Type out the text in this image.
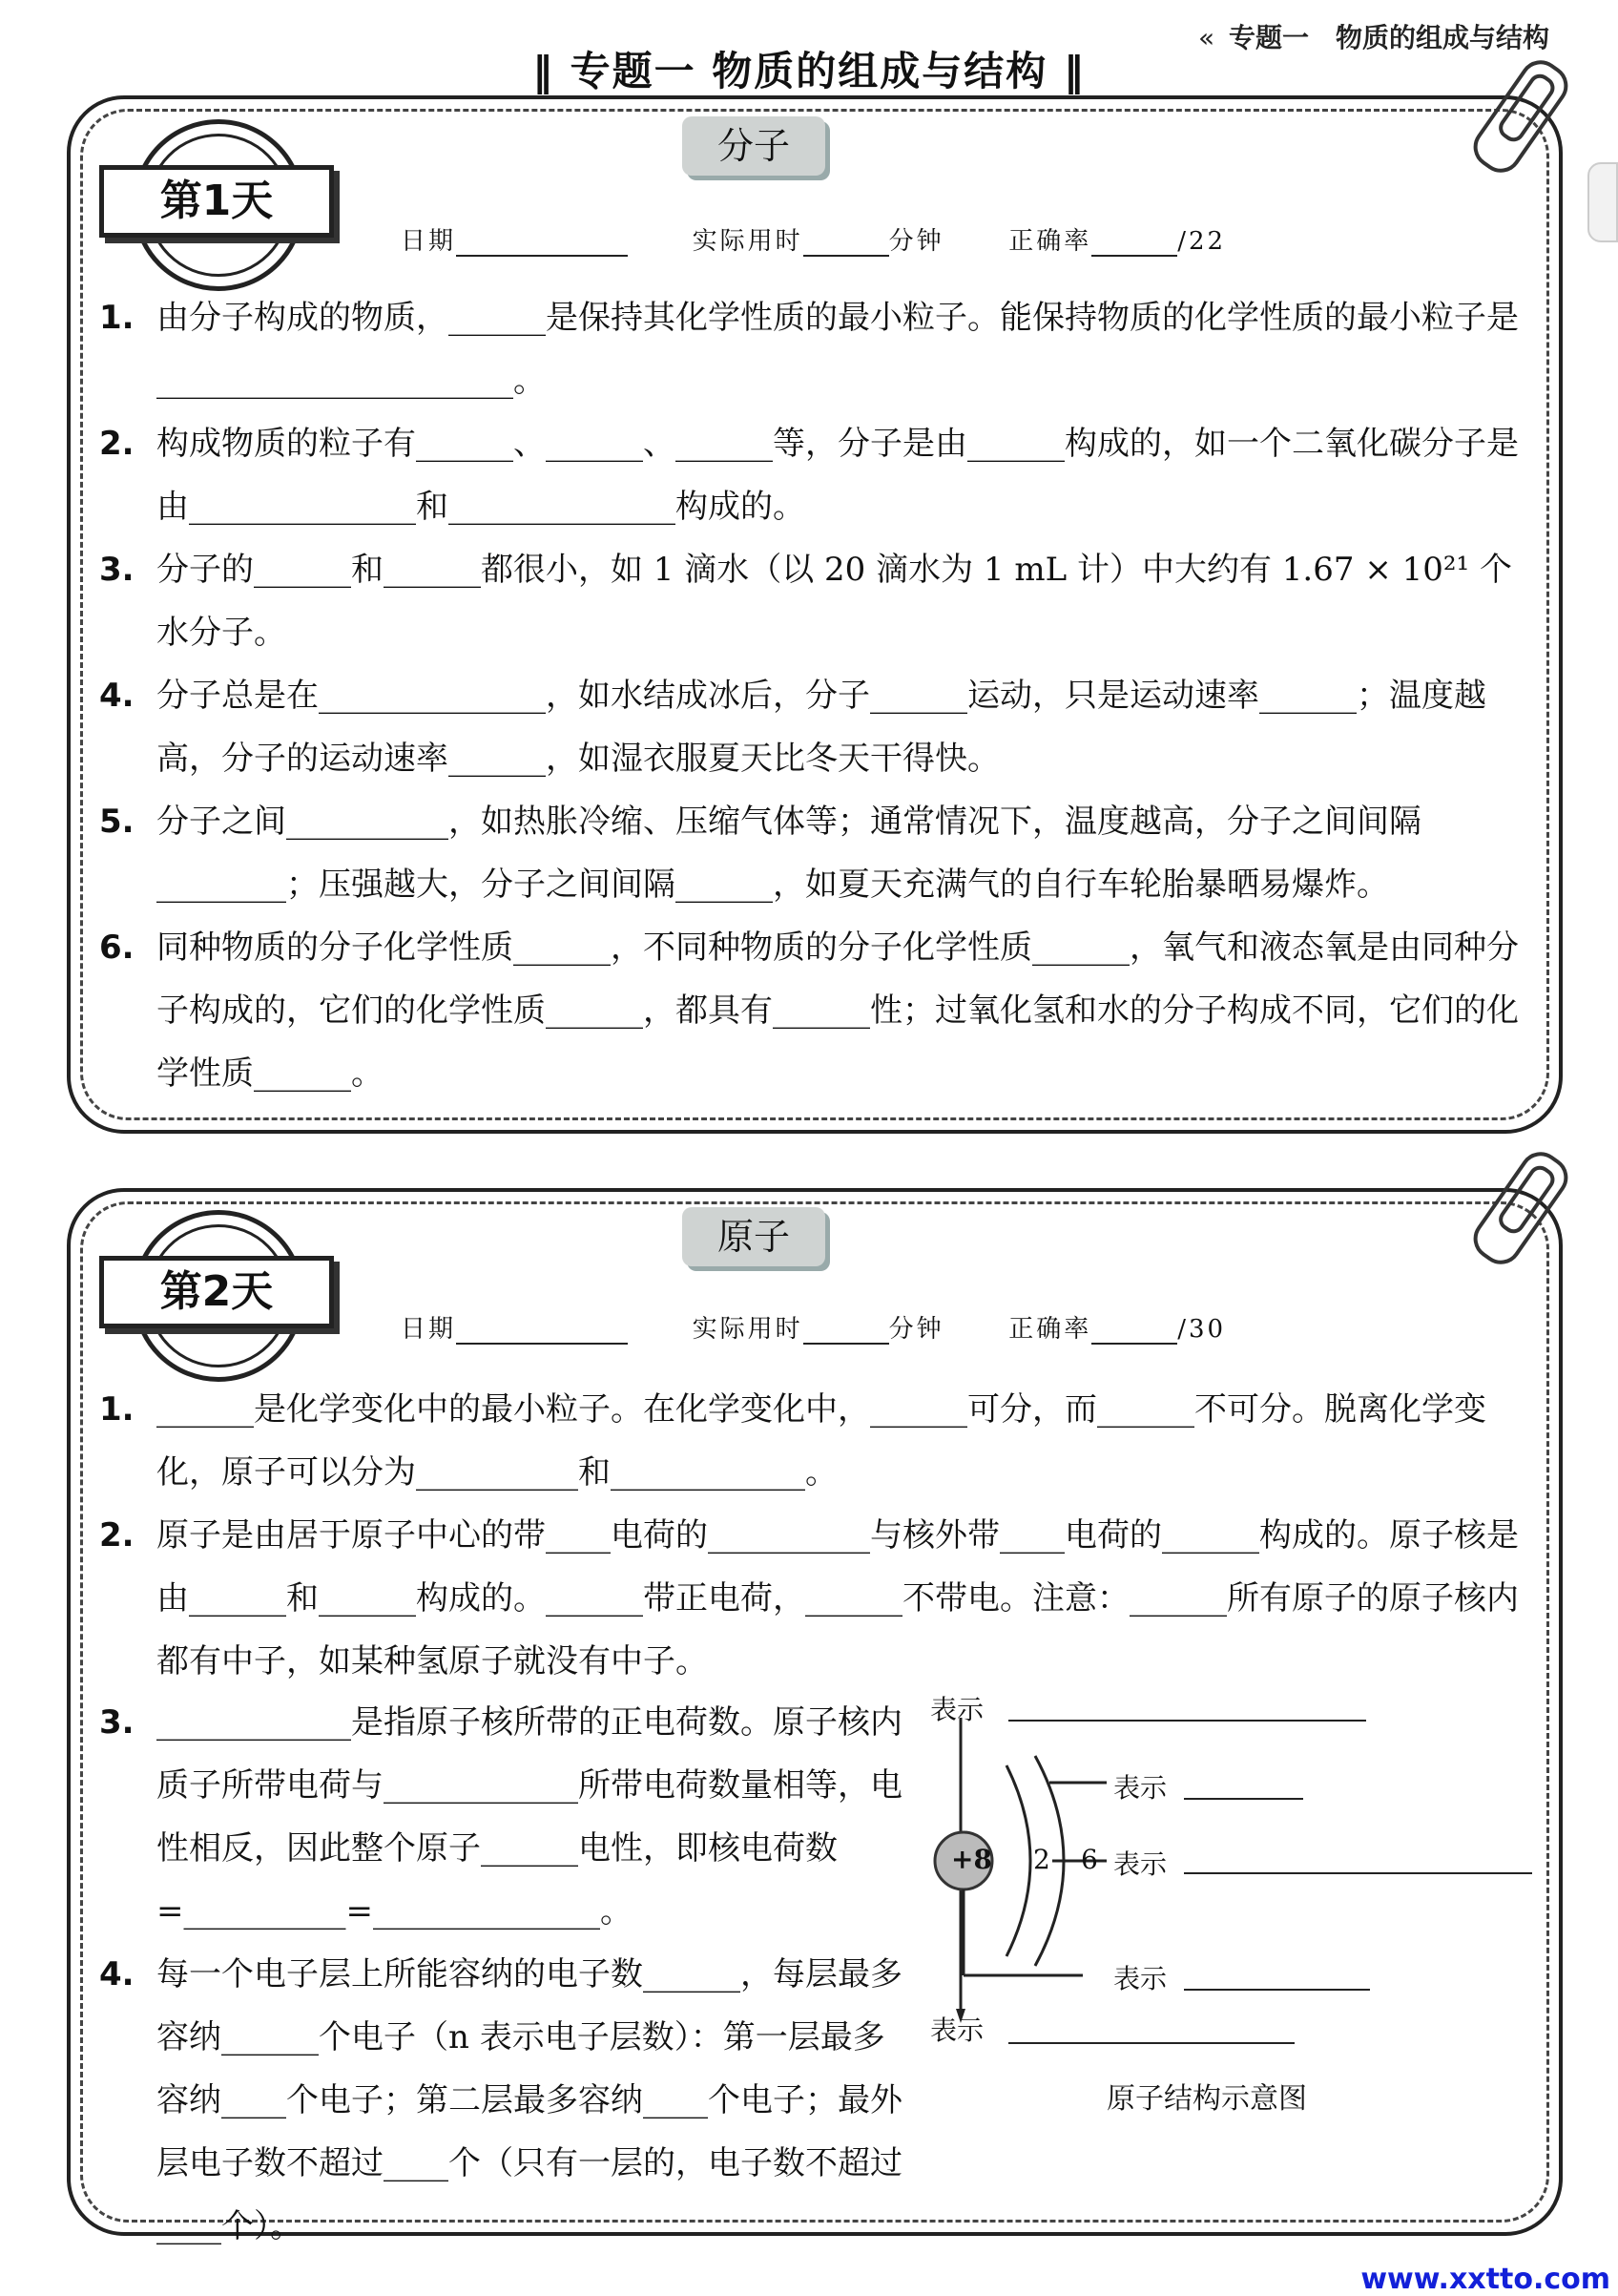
« 专题一　物质的组成与结构
‖ 专题一 物质的组成与结构 ‖
第1天
分子
日期	实际用时	分钟	正确率	/22
1. 由分子构成的物质，______是保持其化学性质的最小粒子。能保持物质的化学性质的最小粒子是______________________。
2. 构成物质的粒子有______、______、______等，分子是由______构成的，如一个二氧化碳分子是由______________和______________构成的。
3. 分子的______和______都很小，如 1 滴水（以 20 滴水为 1 mL 计）中大约有 1.67 × 10²¹ 个水分子。
4. 分子总是在______________，如水结成冰后，分子______运动，只是运动速率______；温度越高，分子的运动速率______，如湿衣服夏天比冬天干得快。
5. 分子之间__________，如热胀冷缩、压缩气体等；通常情况下，温度越高，分子之间间隔________；压强越大，分子之间间隔______，如夏天充满气的自行车轮胎暴晒易爆炸。
6. 同种物质的分子化学性质______，不同种物质的分子化学性质______，氧气和液态氧是由同种分子构成的，它们的化学性质______，都具有______性；过氧化氢和水的分子构成不同，它们的化学性质______。
第2天
原子
日期	实际用时	分钟	正确率	/30
1. ______是化学变化中的最小粒子。在化学变化中，______可分，而______不可分。脱离化学变化，原子可以分为__________和____________。
2. 原子是由居于原子中心的带____电荷的__________与核外带____电荷的______构成的。原子核是由______和______构成的。______带正电荷，______不带电。注意：______所有原子的原子核内都有中子，如某种氢原子就没有中子。
3. ____________是指原子核所带的正电荷数。原子核内质子所带电荷与____________所带电荷数量相等，电性相反，因此整个原子______电性，即核电荷数 =__________=______________。
4. 每一个电子层上所能容纳的电子数______，每层最多容纳______个电子（n 表示电子层数）：第一层最多容纳____个电子；第二层最多容纳____个电子；最外层电子数不超过____个（只有一层的，电子数不超过____个）。
+8 2 6
表示
表示
表示
表示
表示
原子结构示意图
www.xxtto.com
